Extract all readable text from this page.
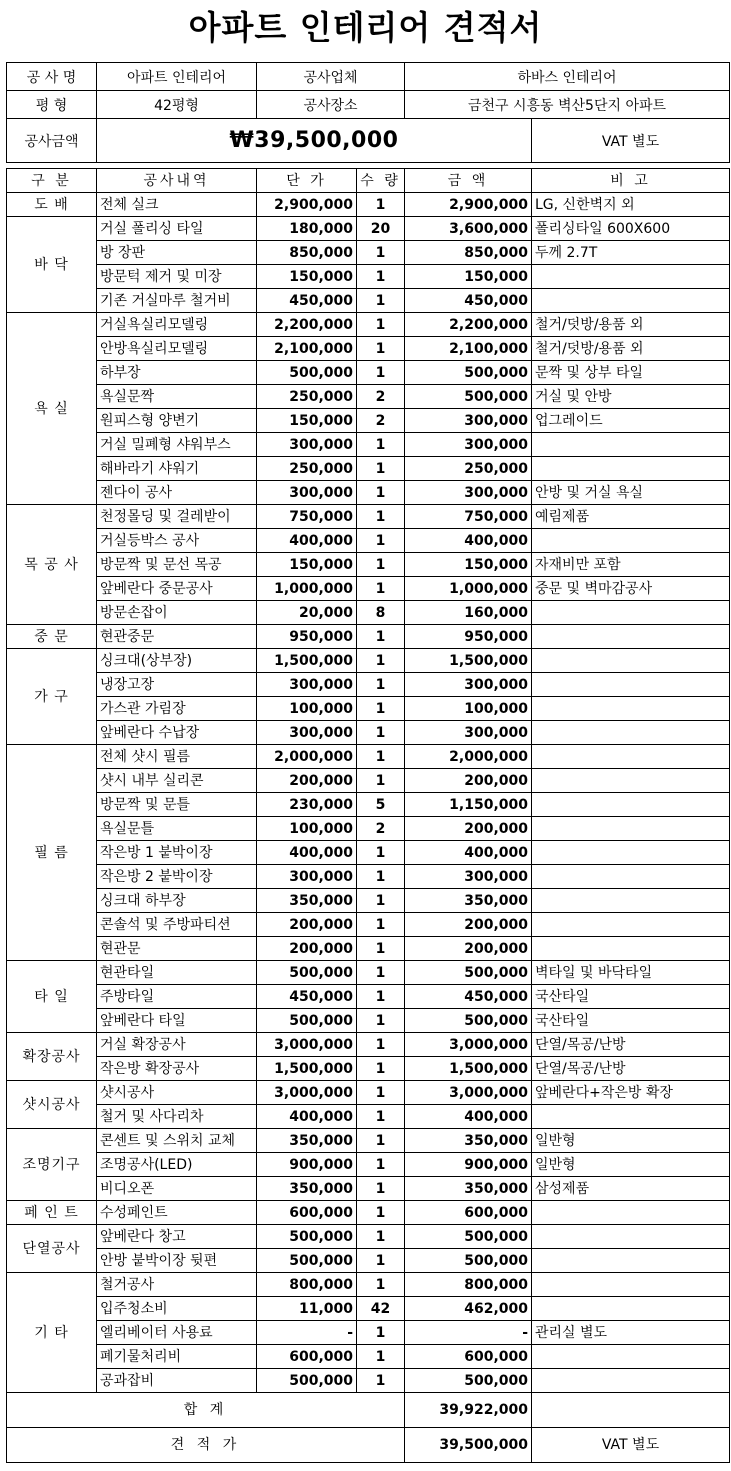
아파트 인테리어 견적서
공 사 명	아파트 인테리어	공사업체	하바스 인테리어	
평 형	42평형	공사장소	금천구 시흥동 벽산5단지 아파트	
공사금액	₩39,500,000			VAT 별도
구 분	공사내역	단 가	수 량	금 액	비 고
도 배	전체 실크	2,900,000	1	2,900,000	LG, 신한벽지 외
바 닥	거실 폴리싱 타일	180,000	20	3,600,000	폴리싱타일 600X600
	방 장판	850,000	1	850,000	두께 2.7T
	방문턱 제거 및 미장	150,000	1	150,000	
	기존 거실마루 철거비	450,000	1	450,000	
욕 실	거실욕실리모델링	2,200,000	1	2,200,000	철거/덧방/용품 외
	안방욕실리모델링	2,100,000	1	2,100,000	철거/덧방/용품 외
	하부장	500,000	1	500,000	문짝 및 상부 타일
	욕실문짝	250,000	2	500,000	거실 및 안방
	원피스형 양변기	150,000	2	300,000	업그레이드
	거실 밀폐형 샤워부스	300,000	1	300,000	
	해바라기 샤워기	250,000	1	250,000	
	젠다이 공사	300,000	1	300,000	안방 및 거실 욕실
목 공 사	천정몰딩 및 걸레받이	750,000	1	750,000	예림제품
	거실등박스 공사	400,000	1	400,000	
	방문짝 및 문선 목공	150,000	1	150,000	자재비만 포함
	앞베란다 중문공사	1,000,000	1	1,000,000	중문 및 벽마감공사
	방문손잡이	20,000	8	160,000	
중 문	현관중문	950,000	1	950,000	
가 구	싱크대(상부장)	1,500,000	1	1,500,000	
	냉장고장	300,000	1	300,000	
	가스관 가림장	100,000	1	100,000	
	앞베란다 수납장	300,000	1	300,000	
필 름	전체 샷시 필름	2,000,000	1	2,000,000	
	샷시 내부 실리콘	200,000	1	200,000	
	방문짝 및 문틀	230,000	5	1,150,000	
	욕실문틀	100,000	2	200,000	
	작은방 1 붙박이장	400,000	1	400,000	
	작은방 2 붙박이장	300,000	1	300,000	
	싱크대 하부장	350,000	1	350,000	
	콘솔석 및 주방파티션	200,000	1	200,000	
	현관문	200,000	1	200,000	
타 일	현관타일	500,000	1	500,000	벽타일 및 바닥타일
	주방타일	450,000	1	450,000	국산타일
	앞베란다 타일	500,000	1	500,000	국산타일
확장공사	거실 확장공사	3,000,000	1	3,000,000	단열/목공/난방
	작은방 확장공사	1,500,000	1	1,500,000	단열/목공/난방
샷시공사	샷시공사	3,000,000	1	3,000,000	앞베란다+작은방 확장
	철거 및 사다리차	400,000	1	400,000	
조명기구	콘센트 및 스위치 교체	350,000	1	350,000	일반형
	조명공사(LED)	900,000	1	900,000	일반형
	비디오폰	350,000	1	350,000	삼성제품
페 인 트	수성페인트	600,000	1	600,000	
단열공사	앞베란다 창고	500,000	1	500,000	
	안방 붙박이장 뒷편	500,000	1	500,000	
기 타	철거공사	800,000	1	800,000	
	입주청소비	11,000	42	462,000	
	엘리베이터 사용료	-	1	-	관리실 별도
	폐기물처리비	600,000	1	600,000	
	공과잡비	500,000	1	500,000	
합 계				39,922,000	
견 적 가				39,500,000	VAT 별도
